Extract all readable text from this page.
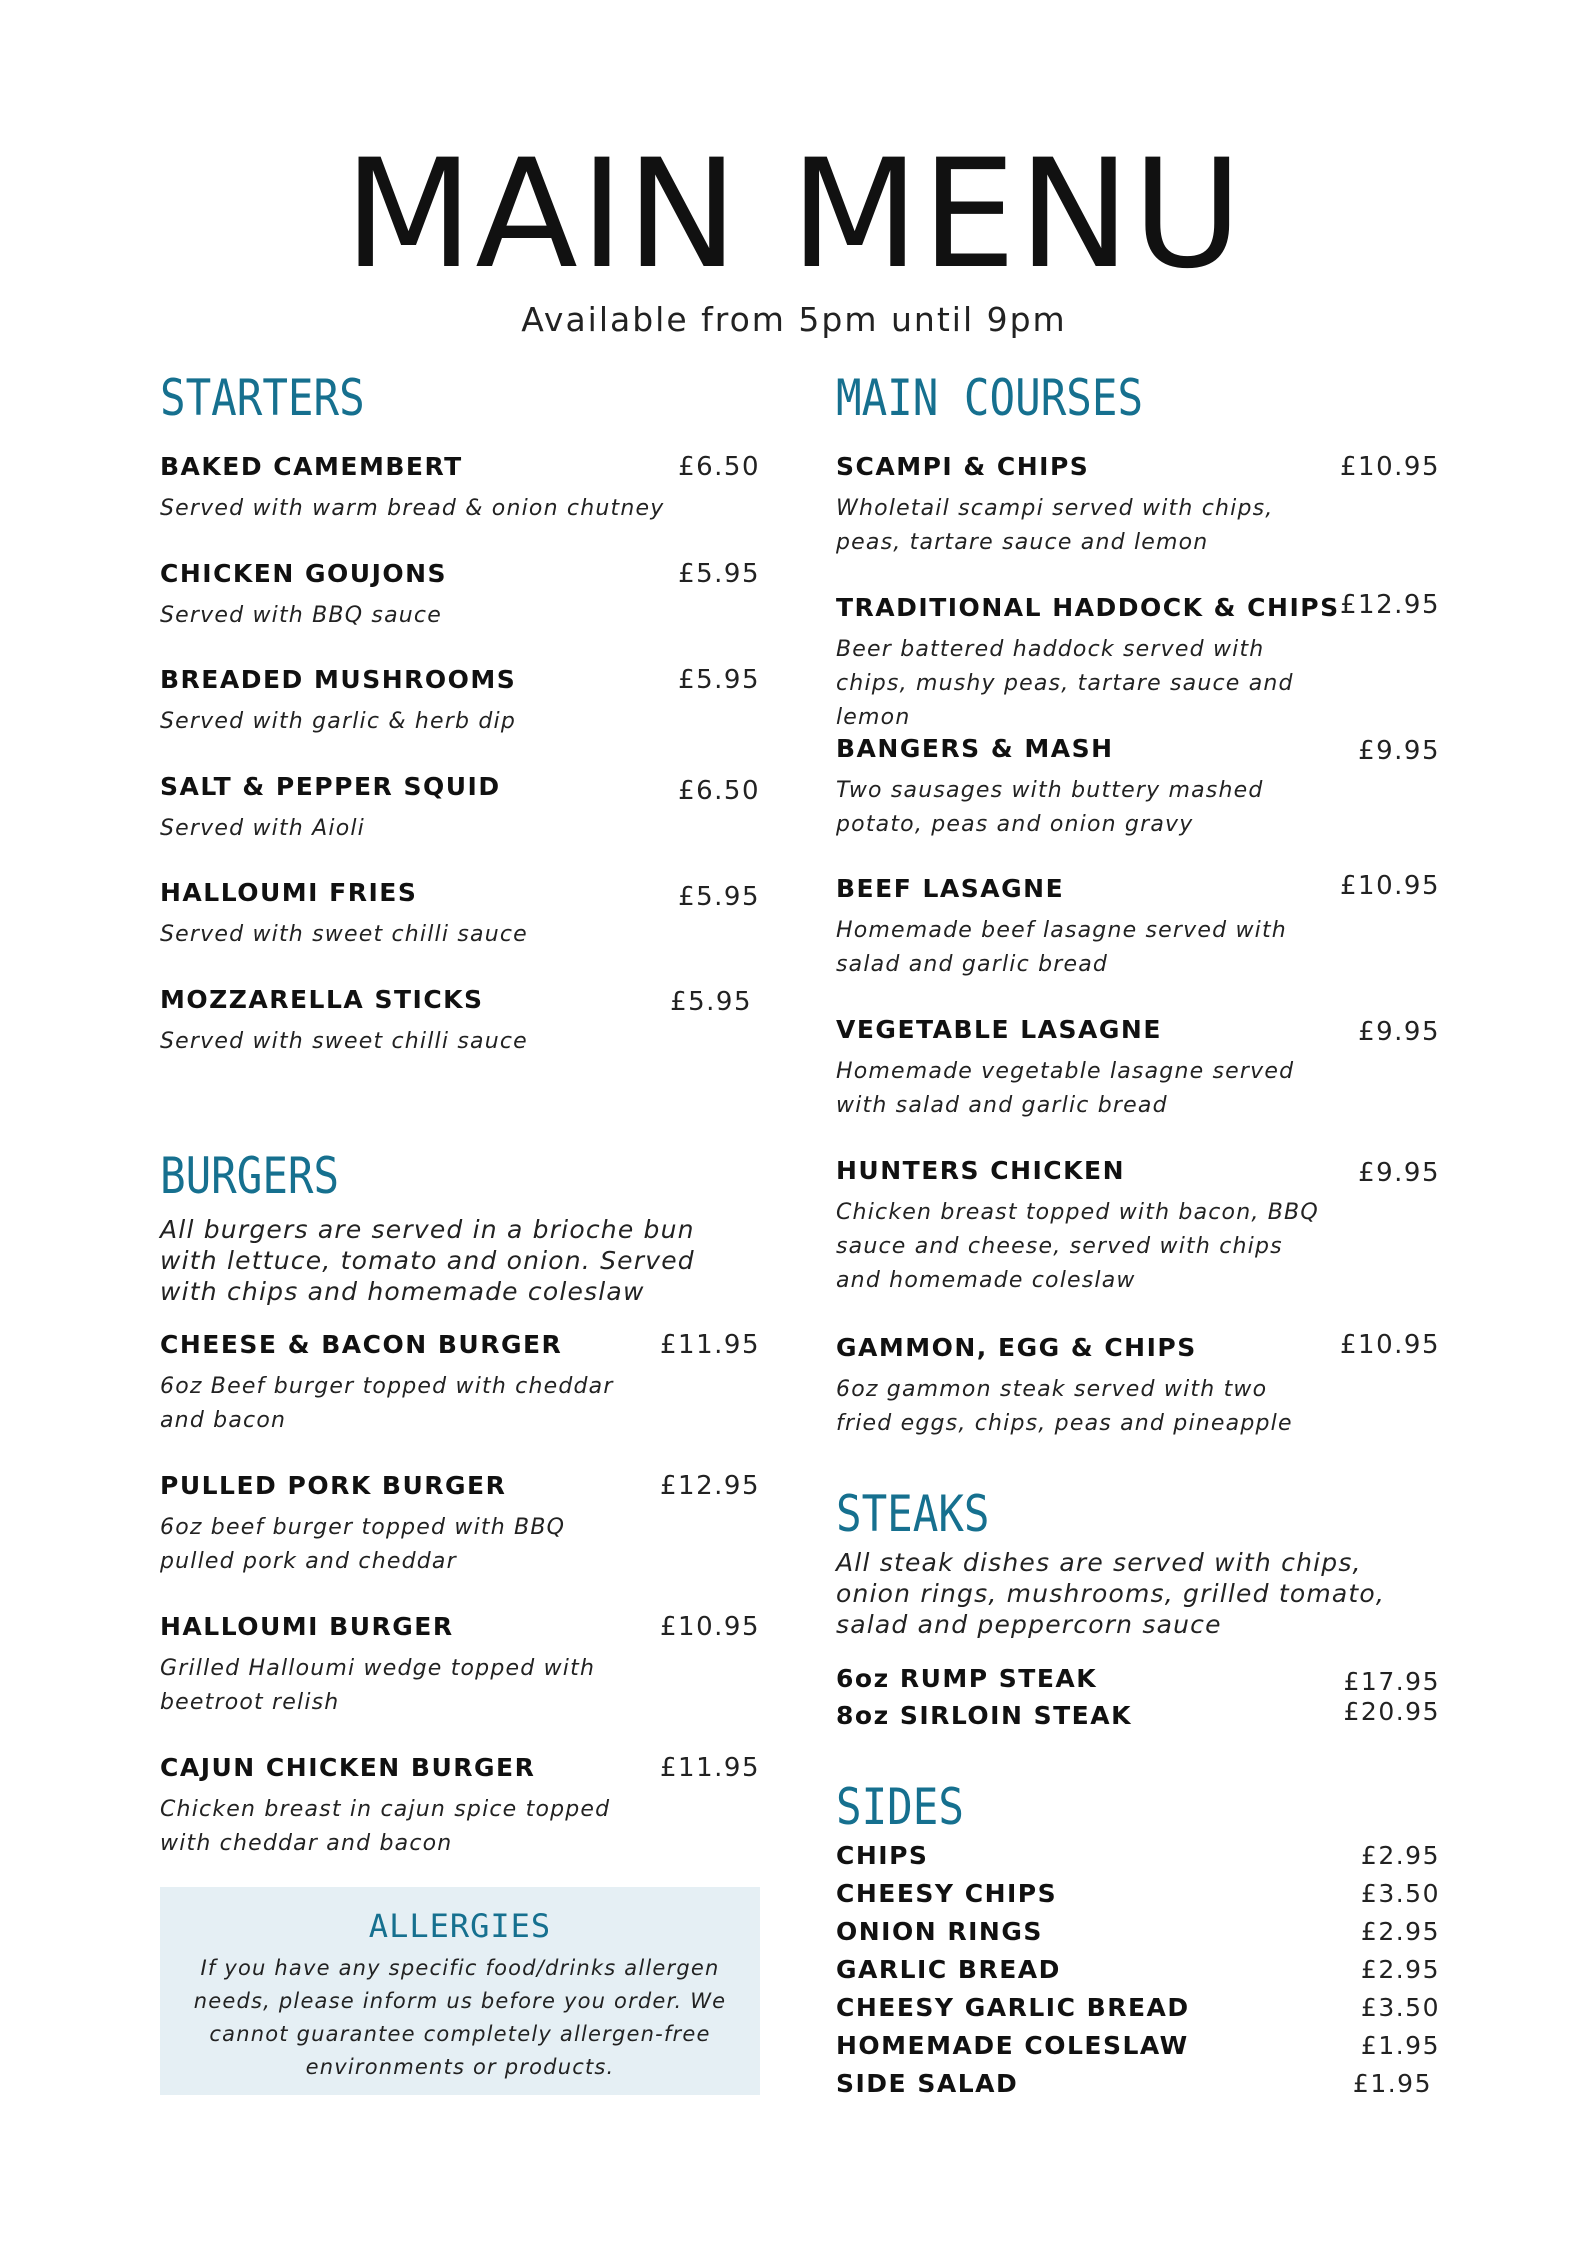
MAIN MENU
Available from 5pm until 9pm
STARTERS
BAKED CAMEMBERT	£6.50
Served with warm bread & onion chutney
CHICKEN GOUJONS	£5.95
Served with BBQ sauce
BREADED MUSHROOMS	£5.95
Served with garlic & herb dip
SALT & PEPPER SQUID	£6.50
Served with Aioli
HALLOUMI FRIES	£5.95
Served with sweet chilli sauce
MOZZARELLA STICKS	£5.95
Served with sweet chilli sauce
BURGERS
All burgers are served in a brioche bun with lettuce, tomato and onion. Served with chips and homemade coleslaw
CHEESE & BACON BURGER	£11.95
6oz Beef burger topped with cheddar and bacon
PULLED PORK BURGER	£12.95
6oz beef burger topped with BBQ pulled pork and cheddar
HALLOUMI BURGER	£10.95
Grilled Halloumi wedge topped with beetroot relish
CAJUN CHICKEN BURGER	£11.95
Chicken breast in cajun spice topped with cheddar and bacon
ALLERGIES
If you have any specific food/drinks allergen needs, please inform us before you order. We cannot guarantee completely allergen-free environments or products.
MAIN COURSES
SCAMPI & CHIPS	£10.95
Wholetail scampi served with chips, peas, tartare sauce and lemon
TRADITIONAL HADDOCK & CHIPS £12.95
Beer battered haddock served with chips, mushy peas, tartare sauce and lemon
BANGERS & MASH	£9.95
Two sausages with buttery mashed potato, peas and onion gravy
BEEF LASAGNE	£10.95
Homemade beef lasagne served with salad and garlic bread
VEGETABLE LASAGNE	£9.95
Homemade vegetable lasagne served with salad and garlic bread
HUNTERS CHICKEN	£9.95
Chicken breast topped with bacon, BBQ sauce and cheese, served with chips and homemade coleslaw
GAMMON, EGG & CHIPS	£10.95
6oz gammon steak served with two fried eggs, chips, peas and pineapple
STEAKS
All steak dishes are served with chips, onion rings, mushrooms, grilled tomato, salad and peppercorn sauce
6oz RUMP STEAK	£17.95
8oz SIRLOIN STEAK	£20.95
SIDES
CHIPS	£2.95
CHEESY CHIPS	£3.50
ONION RINGS	£2.95
GARLIC BREAD	£2.95
CHEESY GARLIC BREAD	£3.50
HOMEMADE COLESLAW	£1.95
SIDE SALAD	£1.95
